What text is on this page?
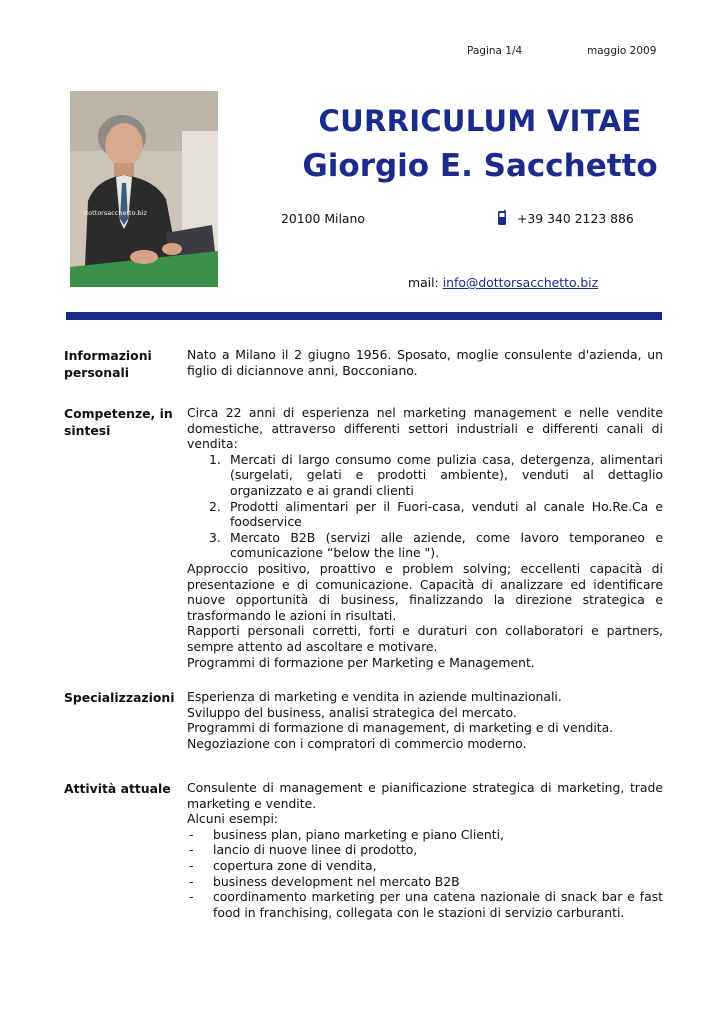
Pagina 1/4	maggio 2009
dottorsacchetto.biz
CURRICULUM VITAE
Giorgio E. Sacchetto
20100 Milano	+39 340 2123 886
mail: info@dottorsacchetto.biz
Informazioni personali

Nato a Milano il 2 giugno 1956. Sposato, moglie consulente d'azienda, un figlio di diciannove anni, Bocconiano.

Competenze, in sintesi

Circa 22 anni di esperienza nel marketing management e nelle vendite domestiche, attraverso differenti settori industriali e differenti canali di vendita:

1. Mercati di largo consumo come pulizia casa, detergenza, alimentari (surgelati, gelati e prodotti ambiente), venduti al dettaglio organizzato e ai grandi clienti
2. Prodotti alimentari per il Fuori-casa, venduti al canale Ho.Re.Ca e foodservice
3. Mercato B2B (servizi alle aziende, come lavoro temporaneo e comunicazione “below the line ").

Approccio positivo, proattivo e problem solving; eccellenti capacità di presentazione e di comunicazione. Capacità di analizzare ed identificare nuove opportunità di business, finalizzando la direzione strategica e trasformando le azioni in risultati.

Rapporti personali corretti, forti e duraturi con collaboratori e partners, sempre attento ad ascoltare e motivare.

Programmi di formazione per Marketing e Management.

Specializzazioni	Esperienza di marketing e vendita in aziende multinazionali.

Sviluppo del business, analisi strategica del mercato.

Programmi di formazione di management, di marketing e di vendita.

Negoziazione con i compratori di commercio moderno.

Attività attuale	Consulente di management e pianificazione strategica di marketing, trade marketing e vendite.

Alcuni esempi:

- business plan, piano marketing e piano Clienti,
- lancio di nuove linee di prodotto,
- copertura zone di vendita,
- business development nel mercato B2B
- coordinamento marketing per una catena nazionale di snack bar e fast food in franchising, collegata con le stazioni di servizio carburanti.
